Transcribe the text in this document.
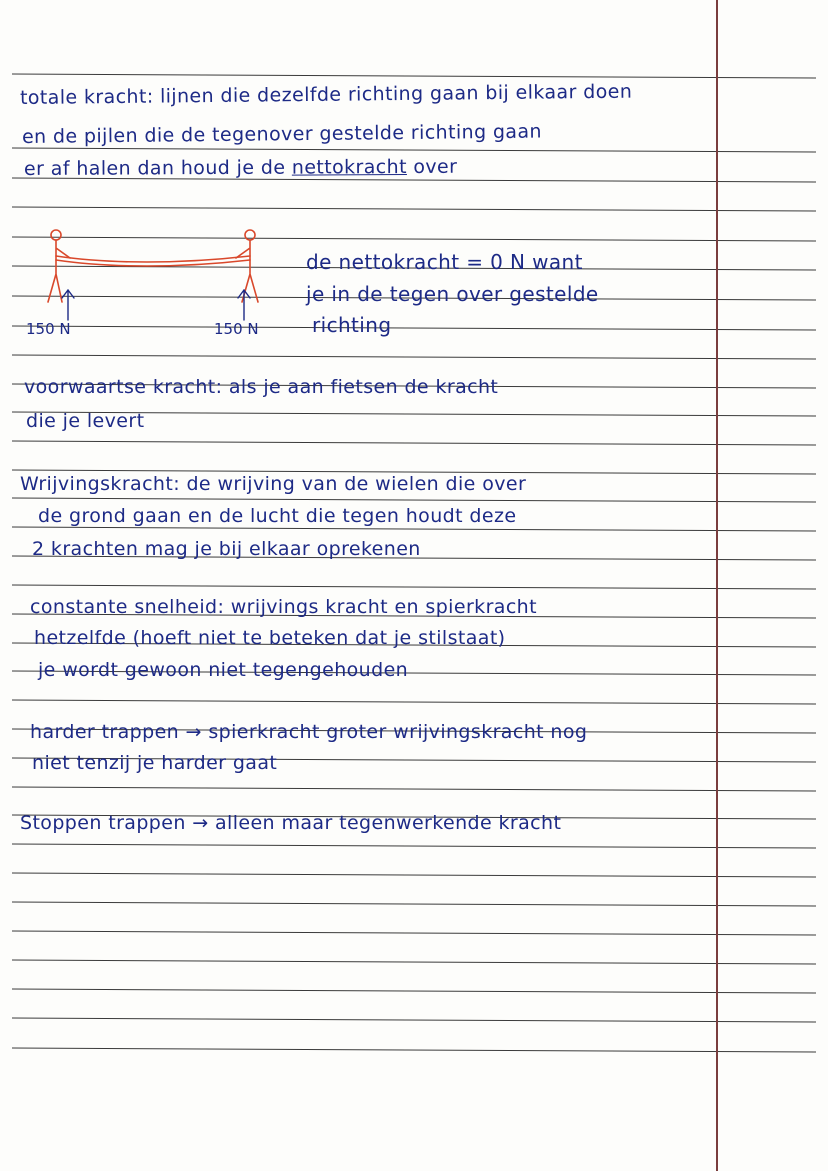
totale kracht: lijnen die dezelfde richting gaan bij elkaar doen
en de pijlen die de tegenover gestelde richting gaan
er af halen dan houd je de nettokracht over
150 N	150 N
de nettokracht = 0 N want
je in de tegen over gestelde
richting
voorwaartse kracht: als je aan fietsen de kracht
die je levert
Wrijvingskracht: de wrijving van de wielen die over
de grond gaan en de lucht die tegen houdt deze
2 krachten mag je bij elkaar oprekenen
constante snelheid: wrijvings kracht en spierkracht
hetzelfde (hoeft niet te beteken dat je stilstaat)
je wordt gewoon niet tegengehouden
harder trappen → spierkracht groter wrijvingskracht nog
niet tenzij je harder gaat
Stoppen trappen → alleen maar tegenwerkende kracht
